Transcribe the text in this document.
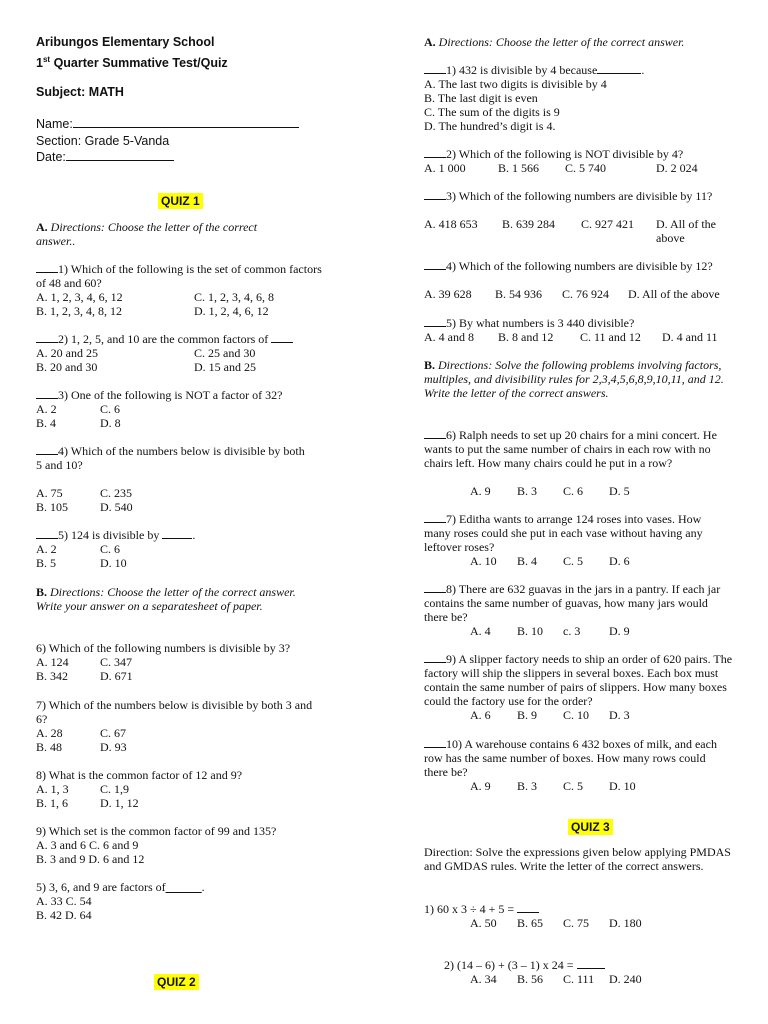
Aribungos Elementary School
1st Quarter Summative Test/Quiz
Subject: MATH
Name:
Section: Grade 5-Vanda
Date:
QUIZ 1
A. Directions: Choose the letter of the correct answer..
1) Which of the following is the set of common factors of 48 and 60?
A. 1, 2, 3, 4, 6, 12
B. 1, 2, 3, 4, 8, 12
C. 1, 2, 3, 4, 6, 8
D. 1, 2, 4, 6, 12
2) 1, 2, 5, and 10 are the common factors of
A. 20 and 25
B. 20 and 30
C. 25 and 30
D. 15 and 25
3) One of the following is NOT a factor of 32?
A. 2
B. 4
C. 6
D. 8
4) Which of the numbers below is divisible by both 5 and 10?
A. 75
B. 105
C. 235
D. 540
5) 124 is divisible by	.
A. 2
B. 5
C. 6
D. 10
B. Directions: Choose the letter of the correct answer. Write your answer on a separatesheet of paper.
6) Which of the following numbers is divisible by 3?
A. 124
B. 342
C. 347
D. 671
7) Which of the numbers below is divisible by both 3 and 6?
A. 28
B. 48
C. 67
D. 93
8) What is the common factor of 12 and 9?
A. 1, 3
B. 1, 6
C. 1,9
D. 1, 12
9) Which set is the common factor of 99 and 135?
A. 3 and 6 C. 6 and 9
B. 3 and 9 D. 6 and 12
5) 3, 6, and 9 are factors of______.
A. 33 C. 54
B. 42 D. 64
QUIZ 2
A. Directions: Choose the letter of the correct answer.
1) 432 is divisible by 4 because	.
A. The last two digits is divisible by 4
B. The last digit is even
C. The sum of the digits is 9
D. The hundred’s digit is 4.
2) Which of the following is NOT divisible by 4?
A. 1 000	B. 1 566 C. 5 740	D. 2 024
3) Which of the following numbers are divisible by 11?
A. 418 653 B. 639 284 C. 927 421 D. All of the above
4) Which of the following numbers are divisible by 12?
A. 39 628 B. 54 936 C. 76 924 D. All of the above
5) By what numbers is 3 440 divisible?
A. 4 and 8 B. 8 and 12 C. 11 and 12 D. 4 and 11
B. Directions: Solve the following problems involving factors, multiples, and divisibility rules for 2,3,4,5,6,8,9,10,11, and 12. Write the letter of the correct answers.
6) Ralph needs to set up 20 chairs for a mini concert. He wants to put the same number of chairs in each row with no chairs left. How many chairs could he put in a row?
A. 9 B. 3 C. 6 D. 5
7) Editha wants to arrange 124 roses into vases. How many roses could she put in each vase without having any leftover roses?
A. 10 B. 4 C. 5 D. 6
8) There are 632 guavas in the jars in a pantry. If each jar contains the same number of guavas, how many jars would there be?
A. 4 B. 10 c. 3 D. 9
9) A slipper factory needs to ship an order of 620 pairs. The factory will ship the slippers in several boxes. Each box must contain the same number of pairs of slippers. How many boxes could the factory use for the order?
A. 6 B. 9 C. 10 D. 3
10) A warehouse contains 6 432 boxes of milk, and each row has the same number of boxes. How many rows could there be?
A. 9 B. 3 C. 5 D. 10
QUIZ 3
Direction: Solve the expressions given below applying PMDAS and GMDAS rules. Write the letter of the correct answers.
1) 60 x 3 ÷ 4 + 5 =
A. 50 B. 65 C. 75 D. 180
2) (14 – 6) + (3 – 1) x 24 =
A. 34 B. 56 C. 111 D. 240
